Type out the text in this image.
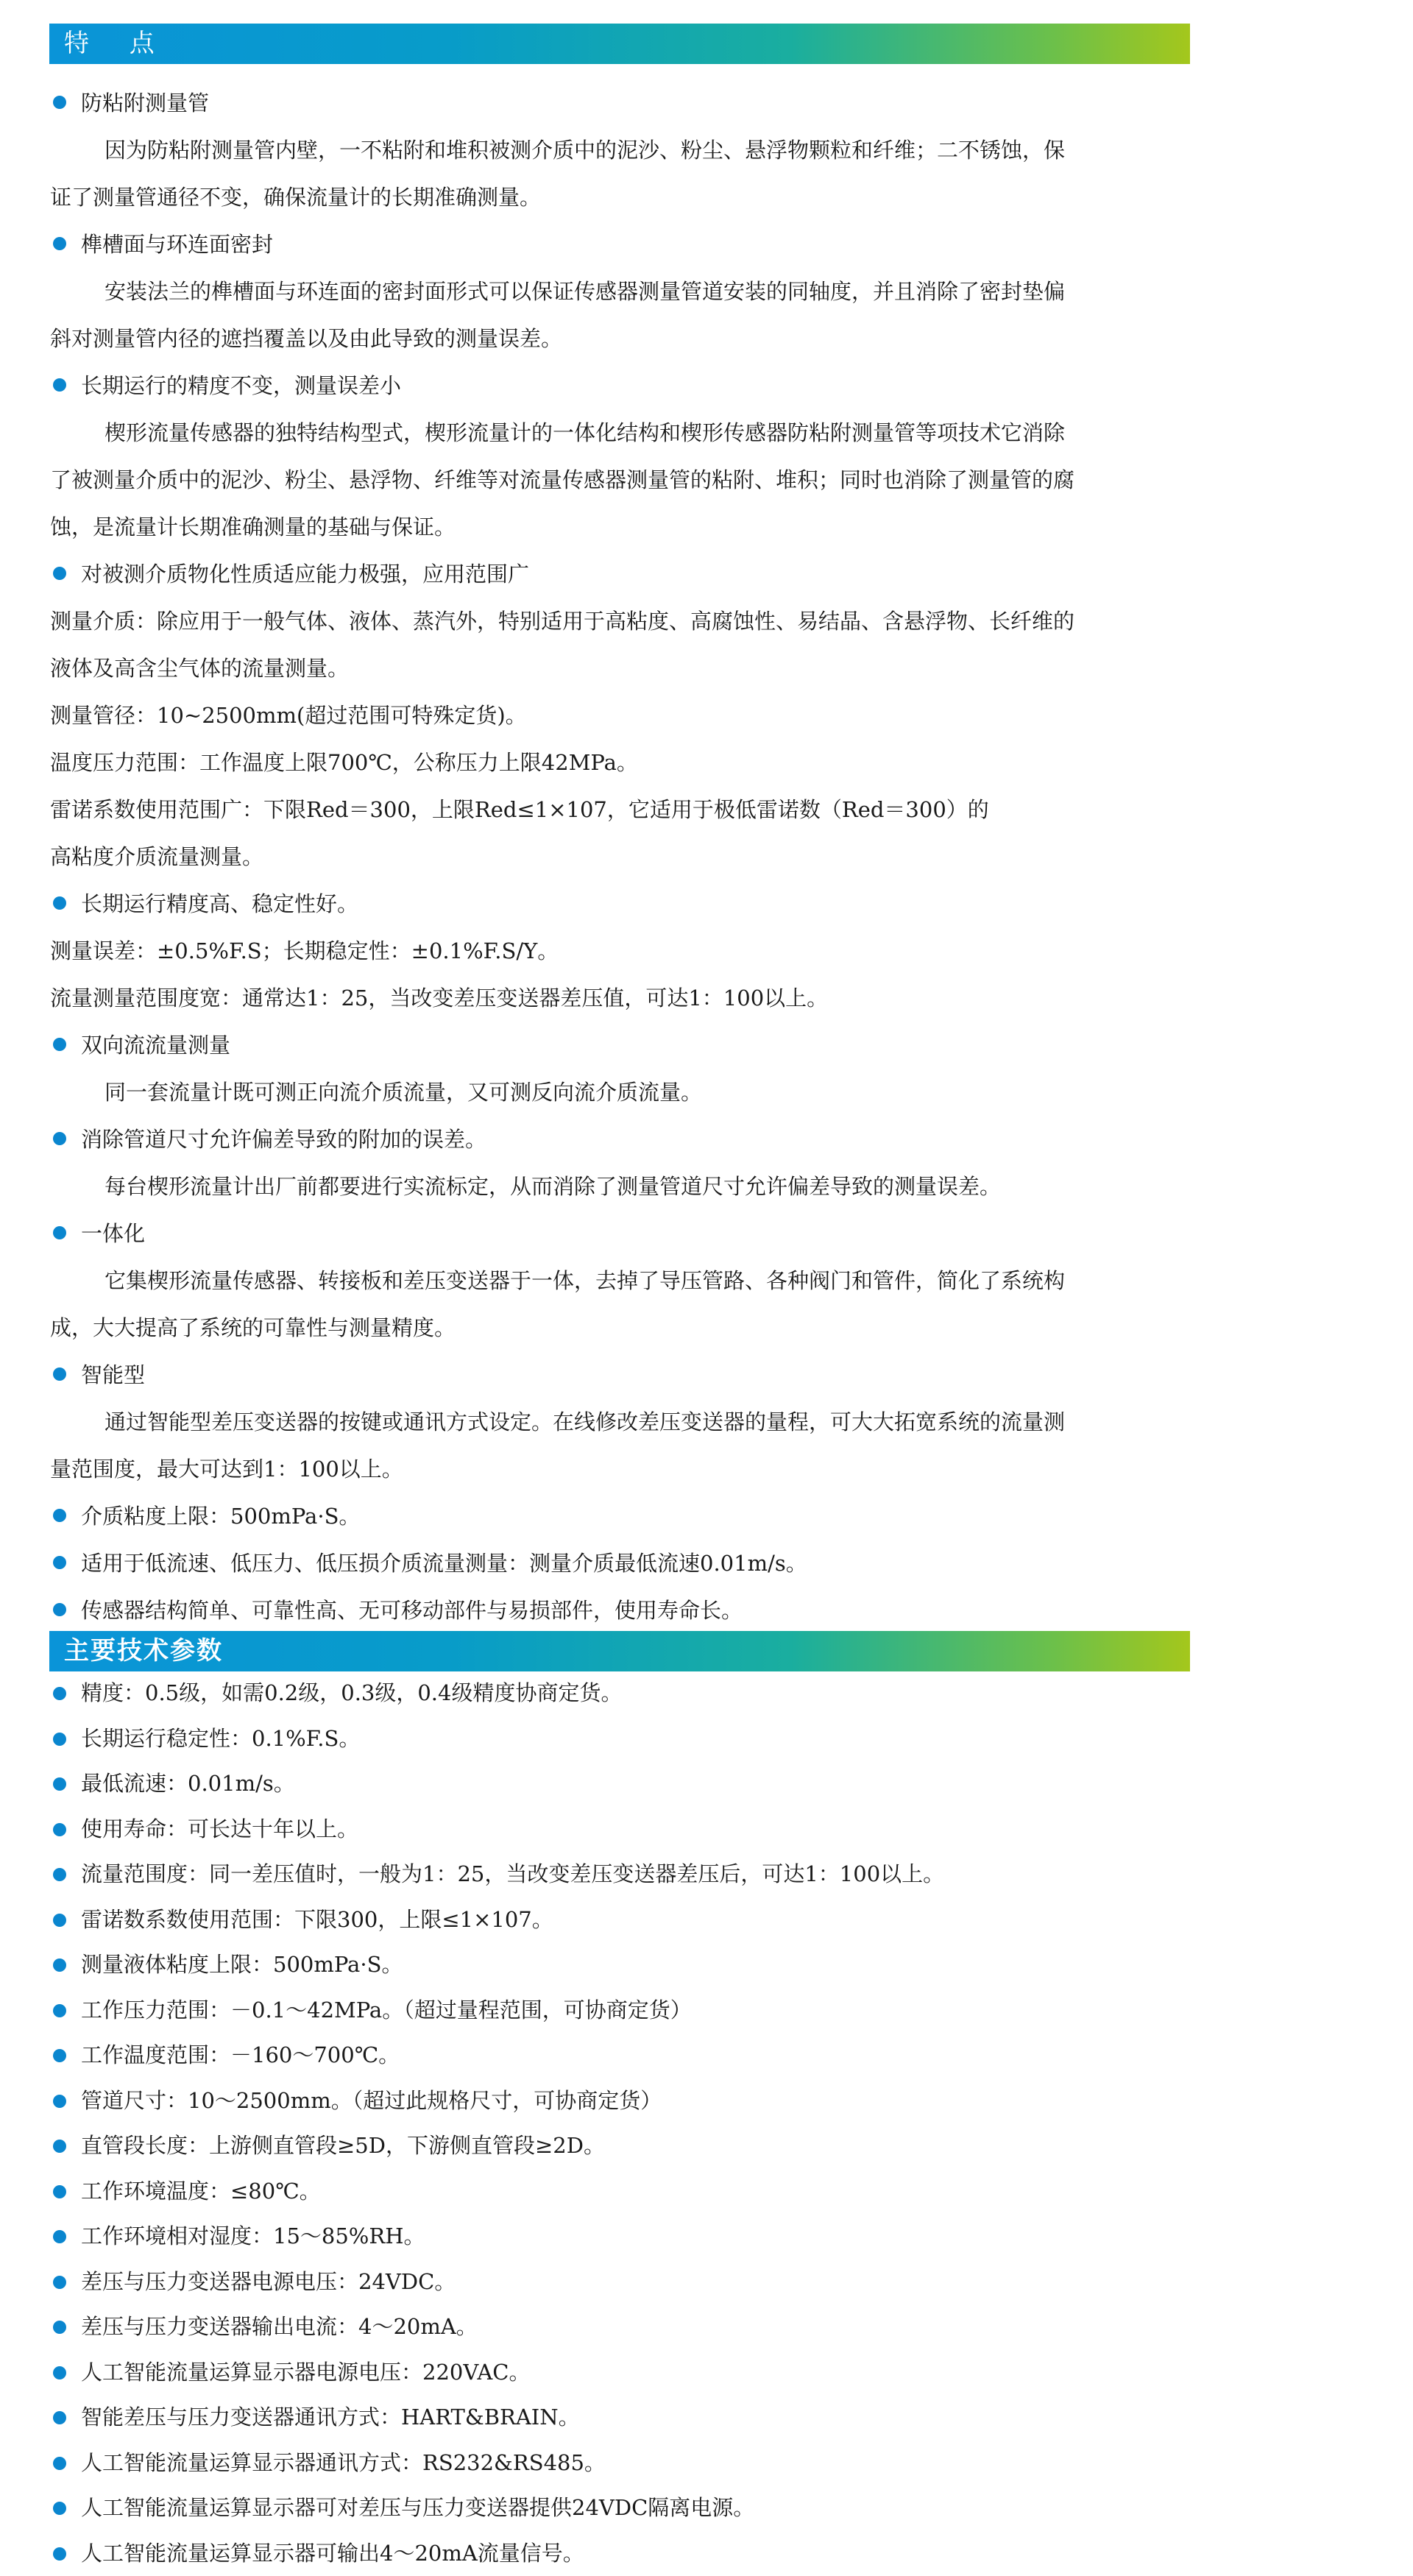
特 点
防粘附测量管
因为防粘附测量管内壁，一不粘附和堆积被测介质中的泥沙、粉尘、悬浮物颗粒和纤维；二不锈蚀，保
证了测量管通径不变，确保流量计的长期准确测量。
榫槽面与环连面密封
安装法兰的榫槽面与环连面的密封面形式可以保证传感器测量管道安装的同轴度，并且消除了密封垫偏
斜对测量管内径的遮挡覆盖以及由此导致的测量误差。
长期运行的精度不变，测量误差小
楔形流量传感器的独特结构型式，楔形流量计的一体化结构和楔形传感器防粘附测量管等项技术它消除
了被测量介质中的泥沙、粉尘、悬浮物、纤维等对流量传感器测量管的粘附、堆积；同时也消除了测量管的腐
蚀，是流量计长期准确测量的基础与保证。
对被测介质物化性质适应能力极强，应用范围广
测量介质：除应用于一般气体、液体、蒸汽外，特别适用于高粘度、高腐蚀性、易结晶、含悬浮物、长纤维的
液体及高含尘气体的流量测量。
测量管径：10~2500mm(超过范围可特殊定货)。
温度压力范围：工作温度上限700℃，公称压力上限42MPa。
雷诺系数使用范围广：下限Red＝300，上限Red≤1×107，它适用于极低雷诺数（Red＝300）的
高粘度介质流量测量。
长期运行精度高、稳定性好。
测量误差：±0.5%F.S；长期稳定性：±0.1%F.S/Y。
流量测量范围度宽：通常达1：25，当改变差压变送器差压值，可达1：100以上。
双向流流量测量
同一套流量计既可测正向流介质流量，又可测反向流介质流量。
消除管道尺寸允许偏差导致的附加的误差。
每台楔形流量计出厂前都要进行实流标定，从而消除了测量管道尺寸允许偏差导致的测量误差。
一体化
它集楔形流量传感器、转接板和差压变送器于一体，去掉了导压管路、各种阀门和管件，简化了系统构
成，大大提高了系统的可靠性与测量精度。
智能型
通过智能型差压变送器的按键或通讯方式设定。在线修改差压变送器的量程，可大大拓宽系统的流量测
量范围度，最大可达到1：100以上。
介质粘度上限：500mPa·S。
适用于低流速、低压力、低压损介质流量测量：测量介质最低流速0.01m/s。
传感器结构简单、可靠性高、无可移动部件与易损部件，使用寿命长。
主要技术参数
精度：0.5级，如需0.2级，0.3级，0.4级精度协商定货。
长期运行稳定性：0.1%F.S。
最低流速：0.01m/s。
使用寿命：可长达十年以上。
流量范围度：同一差压值时，一般为1：25，当改变差压变送器差压后，可达1：100以上。
雷诺数系数使用范围：下限300，上限≤1×107。
测量液体粘度上限：500mPa·S。
工作压力范围：－0.1～42MPa。（超过量程范围，可协商定货）
工作温度范围：－160～700℃。
管道尺寸：10～2500mm。（超过此规格尺寸，可协商定货）
直管段长度：上游侧直管段≥5D，下游侧直管段≥2D。
工作环境温度：≤80℃。
工作环境相对湿度：15～85%RH。
差压与压力变送器电源电压：24VDC。
差压与压力变送器输出电流：4～20mA。
人工智能流量运算显示器电源电压：220VAC。
智能差压与压力变送器通讯方式：HART&BRAIN。
人工智能流量运算显示器通讯方式：RS232&RS485。
人工智能流量运算显示器可对差压与压力变送器提供24VDC隔离电源。
人工智能流量运算显示器可输出4～20mA流量信号。
